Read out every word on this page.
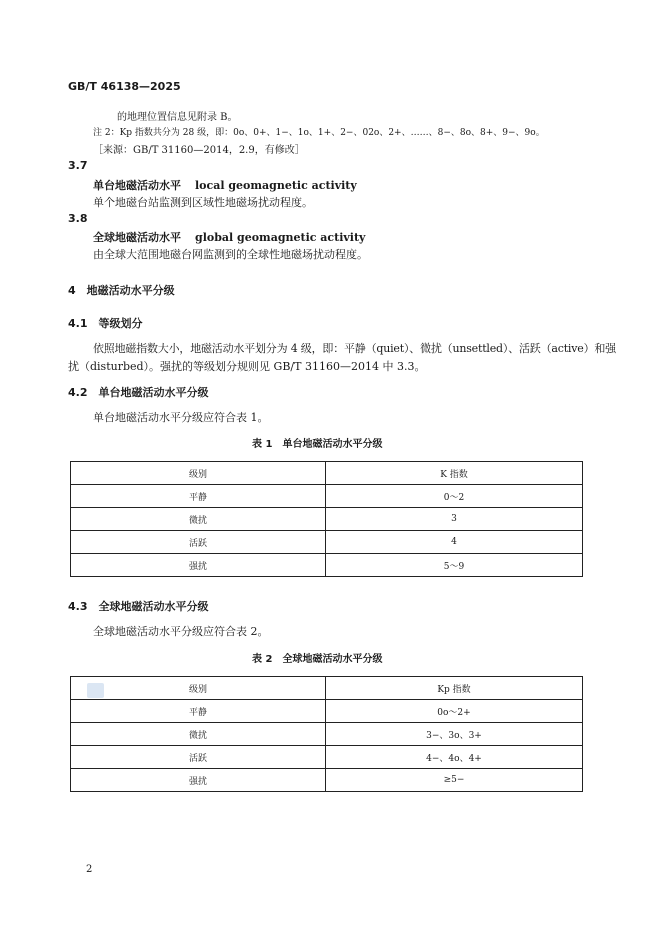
GB/T 46138—2025
的地理位置信息见附录 B。
注 2：Kp 指数共分为 28 级，即：0o、0+、1−、1o、1+、2−、02o、2+、……、8−、8o、8+、9−、9o。
［来源：GB/T 31160—2014，2.9，有修改］
3.7
单台地磁活动水平 local geomagnetic activity
单个地磁台站监测到区域性地磁场扰动程度。
3.8
全球地磁活动水平 global geomagnetic activity
由全球大范围地磁台网监测到的全球性地磁场扰动程度。
4　地磁活动水平分级
4.1　等级划分
依照地磁指数大小，地磁活动水平划分为 4 级，即：平静（quiet）、微扰（unsettled）、活跃（active）和强
扰（disturbed）。强扰的等级划分规则见 GB/T 31160—2014 中 3.3。
4.2　单台地磁活动水平分级
单台地磁活动水平分级应符合表 1。
表 1　单台地磁活动水平分级
级别	K 指数
平静	0～2
微扰	3
活跃	4
强扰	5～9
4.3　全球地磁活动水平分级
全球地磁活动水平分级应符合表 2。
表 2　全球地磁活动水平分级
级别	Kp 指数
平静	0o～2+
微扰	3−、3o、3+
活跃	4−、4o、4+
强扰	≥5−
2
